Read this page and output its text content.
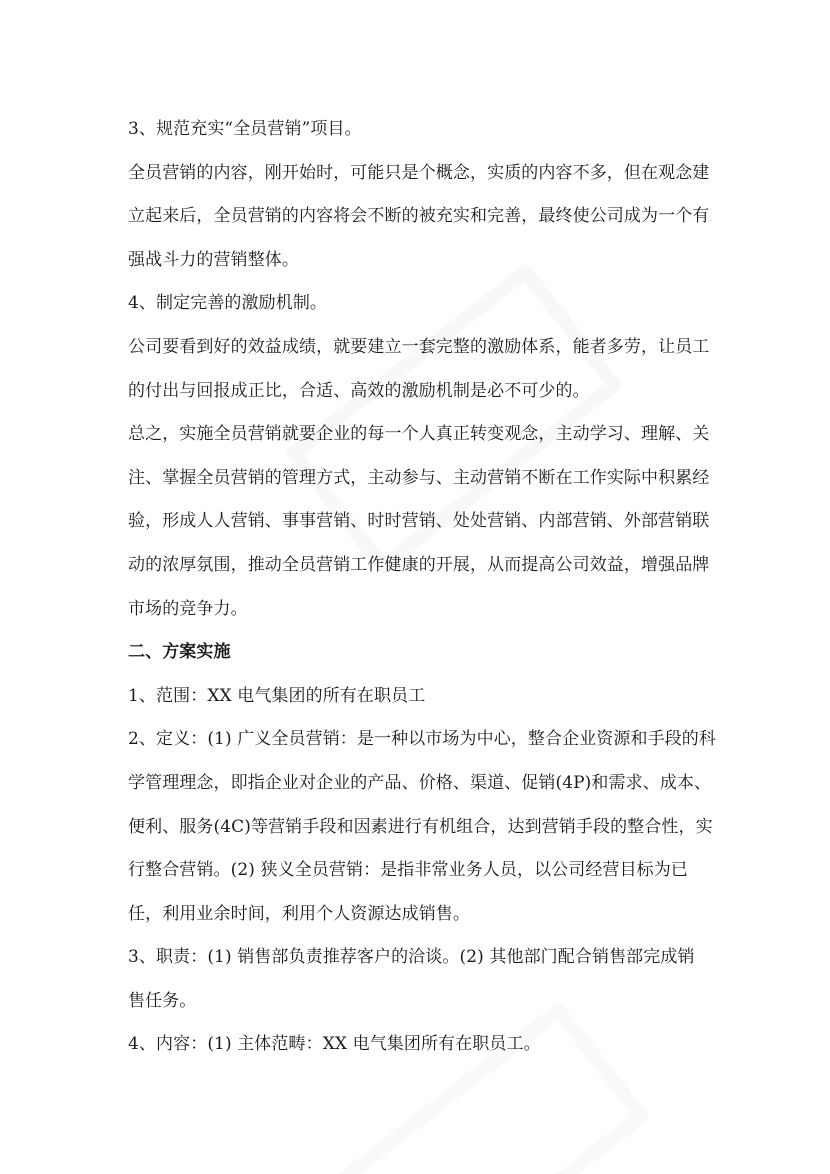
3、规范充实“全员营销”项目。
全员营销的内容，刚开始时，可能只是个概念，实质的内容不多，但在观念建
立起来后，全员营销的内容将会不断的被充实和完善，最终使公司成为一个有
强战斗力的营销整体。
4、制定完善的激励机制。
公司要看到好的效益成绩，就要建立一套完整的激励体系，能者多劳，让员工
的付出与回报成正比，合适、高效的激励机制是必不可少的。
总之，实施全员营销就要企业的每一个人真正转变观念，主动学习、理解、关
注、掌握全员营销的管理方式，主动参与、主动营销不断在工作实际中积累经
验，形成人人营销、事事营销、时时营销、处处营销、内部营销、外部营销联
动的浓厚氛围，推动全员营销工作健康的开展，从而提高公司效益，增强品牌
市场的竞争力。
二、方案实施
1、范围：XX 电气集团的所有在职员工
2、定义：(1) 广义全员营销：是一种以市场为中心，整合企业资源和手段的科
学管理理念，即指企业对企业的产品、价格、渠道、促销(4P)和需求、成本、
便利、服务(4C)等营销手段和因素进行有机组合，达到营销手段的整合性，实
行整合营销。(2) 狭义全员营销：是指非常业务人员，以公司经营目标为已
任，利用业余时间，利用个人资源达成销售。
3、职责：(1) 销售部负责推荐客户的洽谈。(2) 其他部门配合销售部完成销
售任务。
4、内容：(1) 主体范畴：XX 电气集团所有在职员工。
